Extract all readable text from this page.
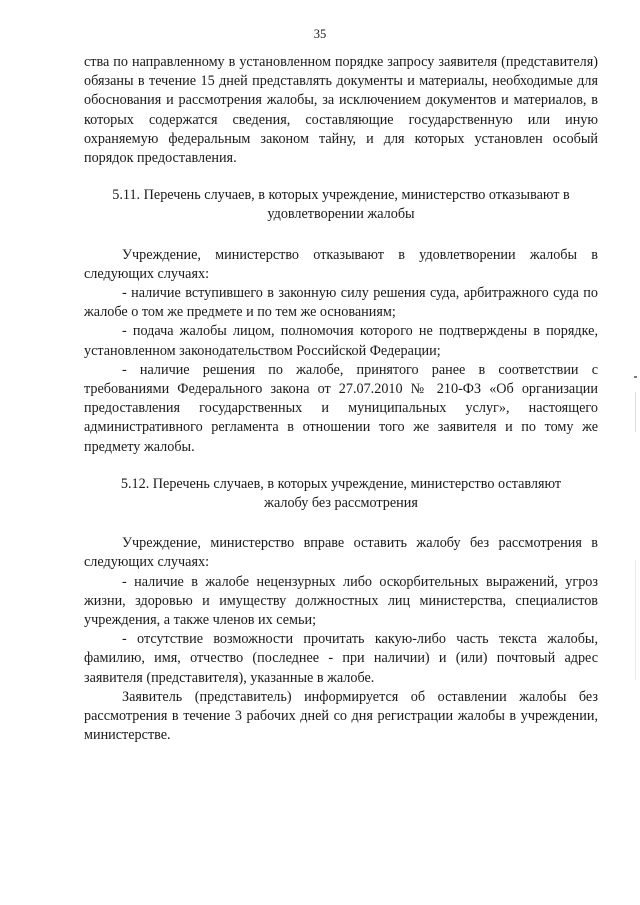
35

ства по направленному в установленном порядке запросу заявителя (представителя) обязаны в течение 15 дней представлять документы и материалы, необходимые для обоснования и рассмотрения жалобы, за исключением документов и материалов, в которых содержатся сведения, составляющие государственную или иную охраняемую федеральным законом тайну, и для которых установлен особый порядок предоставления.

5.11. Перечень случаев, в которых учреждение, министерство отказывают в удовлетворении жалобы

Учреждение, министерство отказывают в удовлетворении жалобы в следующих случаях:

- наличие вступившего в законную силу решения суда, арбитражного суда по жалобе о том же предмете и по тем же основаниям;

- подача жалобы лицом, полномочия которого не подтверждены в порядке, установленном законодательством Российской Федерации;

- наличие решения по жалобе, принятого ранее в соответствии с требованиями Федерального закона от 27.07.2010 № 210-ФЗ «Об организации предоставления государственных и муниципальных услуг», настоящего административного регламента в отношении того же заявителя и по тому же предмету жалобы.

5.12. Перечень случаев, в которых учреждение, министерство оставляют жалобу без рассмотрения

Учреждение, министерство вправе оставить жалобу без рассмотрения в следующих случаях:

- наличие в жалобе нецензурных либо оскорбительных выражений, угроз жизни, здоровью и имуществу должностных лиц министерства, специалистов учреждения, а также членов их семьи;

- отсутствие возможности прочитать какую-либо часть текста жалобы, фамилию, имя, отчество (последнее - при наличии) и (или) почтовый адрес заявителя (представителя), указанные в жалобе.

Заявитель (представитель) информируется об оставлении жалобы без рассмотрения в течение 3 рабочих дней со дня регистрации жалобы в учреждении, министерстве.
